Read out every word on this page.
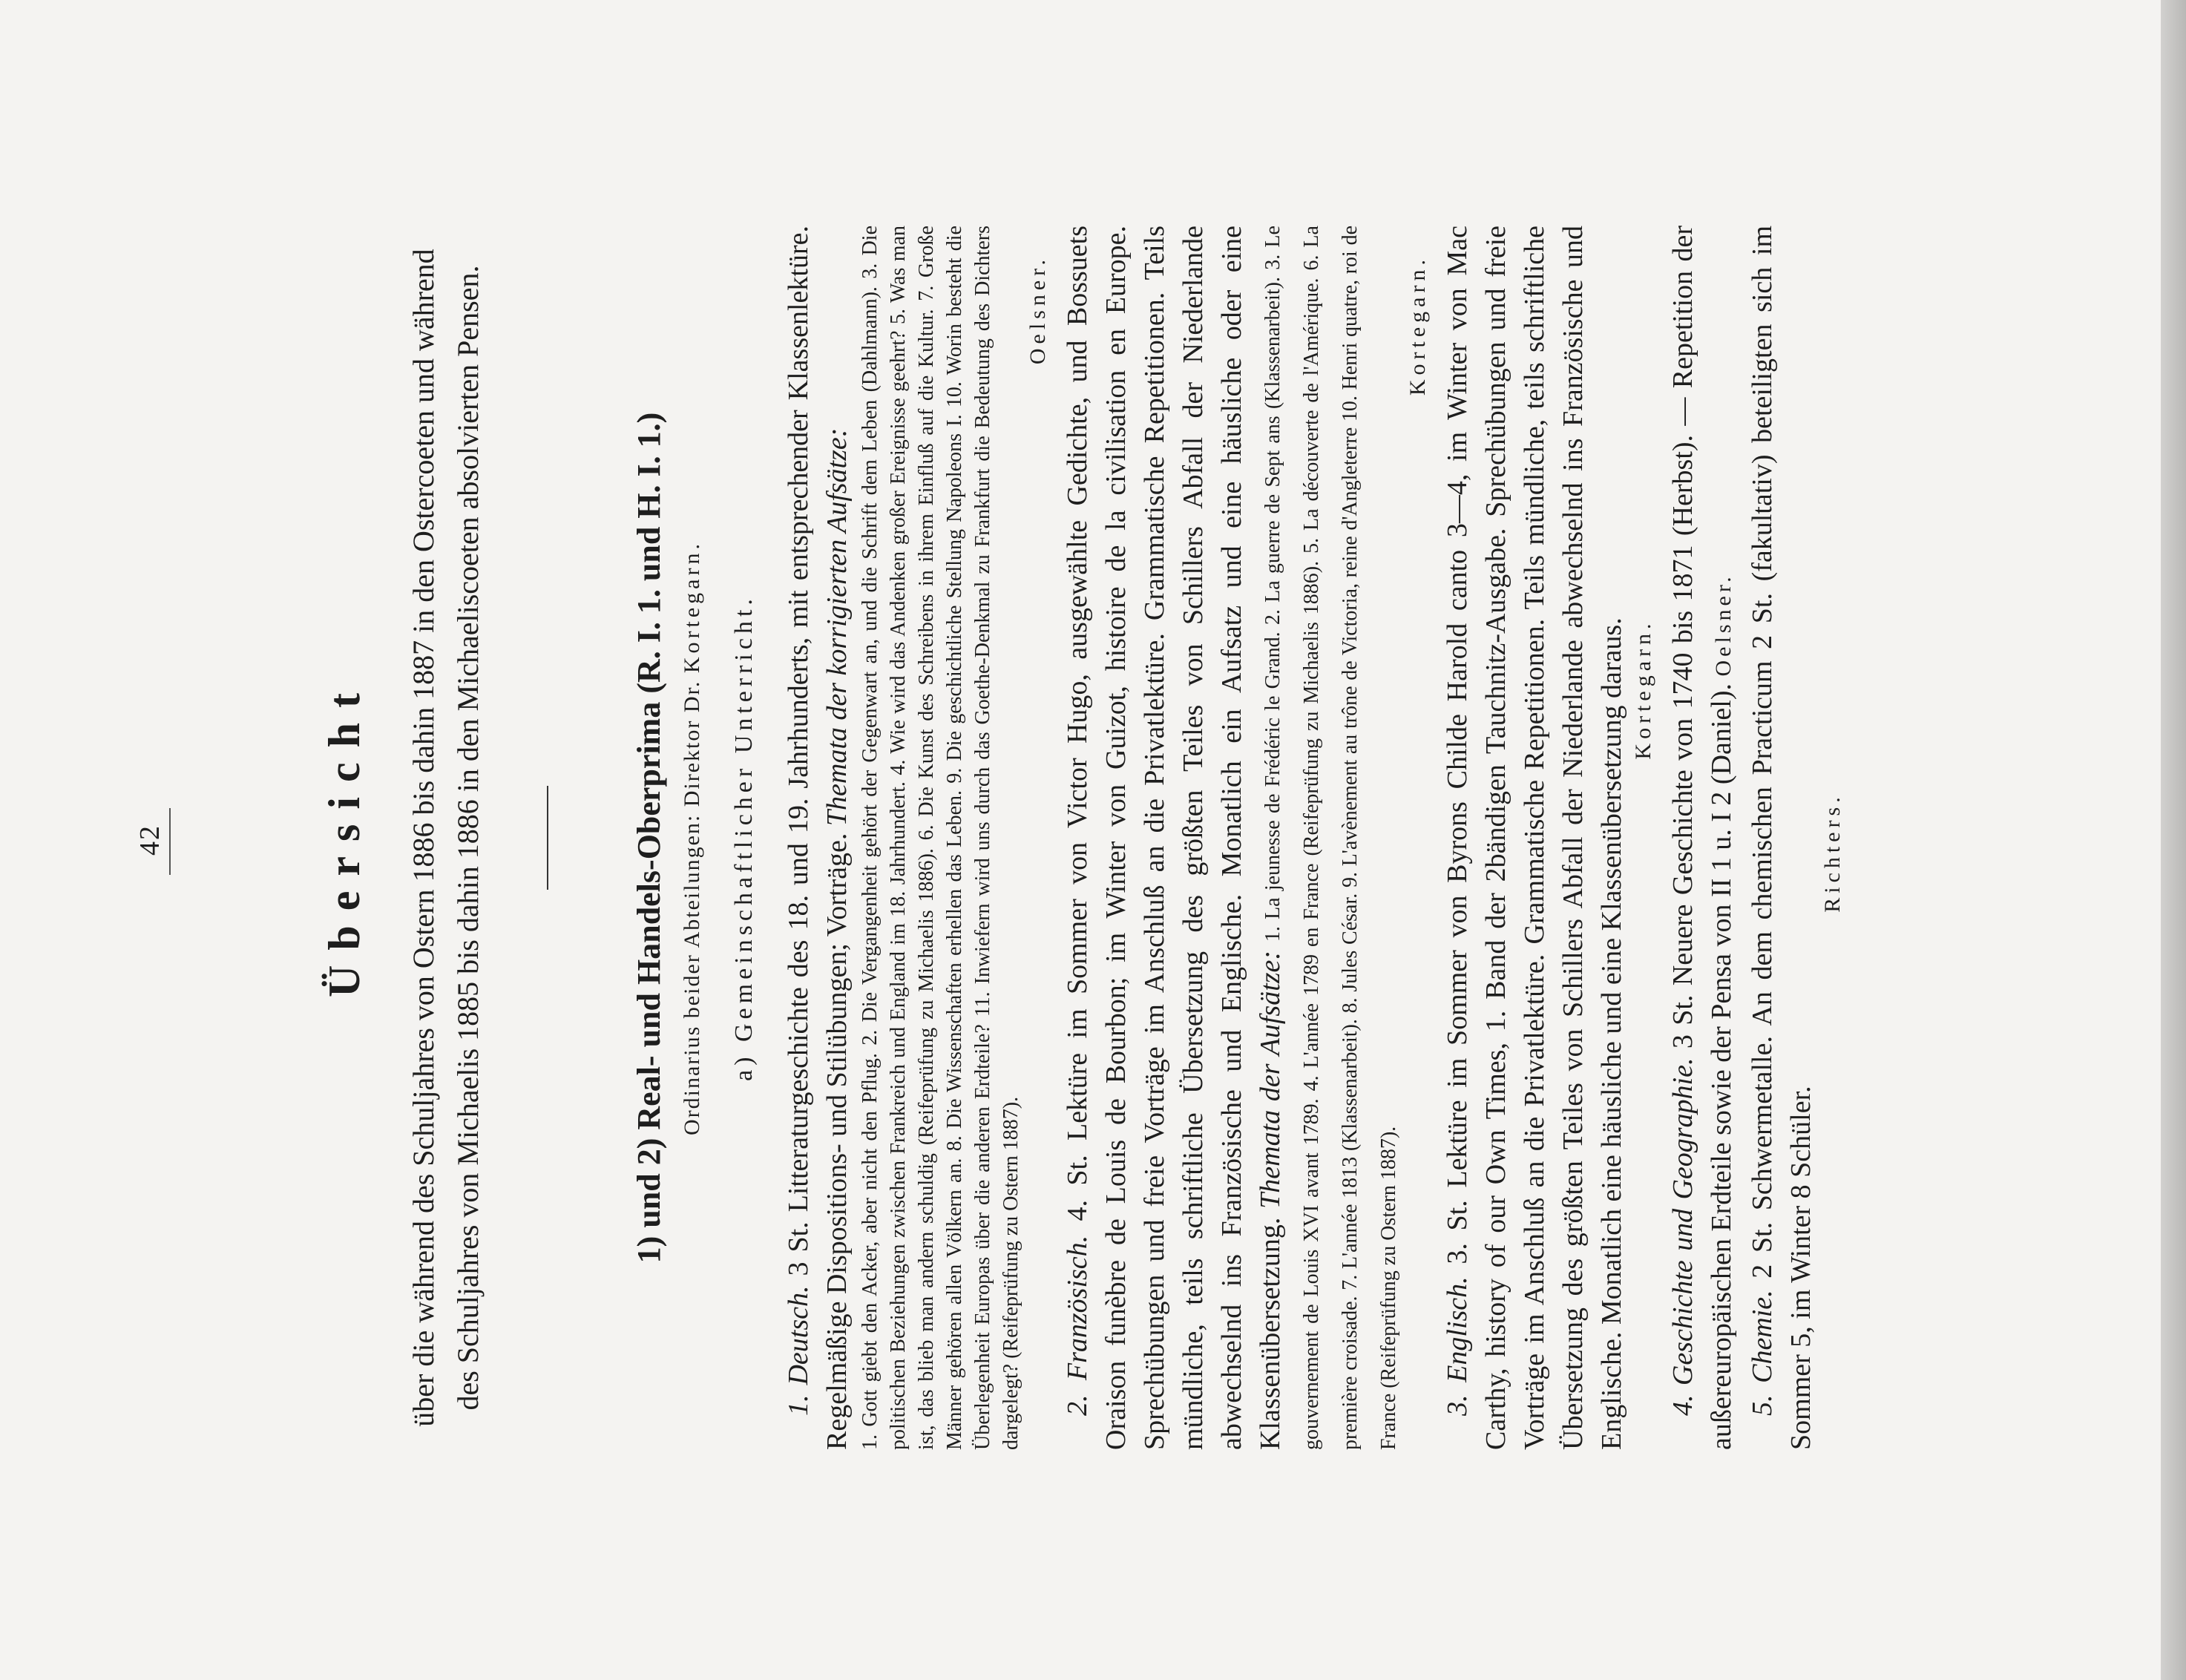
42	Übersicht über die während des Schuljahres von Ostern 1886 bis dahin 1887 in den Ostercoeten und während des Schuljahres von Michaelis 1885 bis dahin 1886 in den Michaeliscoeten absolvierten Pensen.	1) und 2) Real- und Handels-Oberprima (R. I. 1. und H. I. 1.) Ordinarius beider Abteilungen: Direktor Dr. Kortegarn. a) Gemeinschaftlicher Unterricht.

1. Deutsch. 3 St. Litteraturgeschichte des 18. und 19. Jahrhunderts, mit entsprechender Klassenlektüre. Regelmäßige Dispositions- und Stilübungen; Vorträge. Themata der korrigierten Aufsätze: 1. Gott giebt den Acker, aber nicht den Pflug. 2. Die Vergangenheit gehört der Gegenwart an, und die Schrift dem Leben (Dahlmann). 3. Die politischen Beziehungen zwischen Frankreich und England im 18. Jahrhundert. 4. Wie wird das Andenken großer Ereignisse geehrt? 5. Was man ist, das blieb man andern schuldig (Reifeprüfung zu Michaelis 1886). 6. Die Kunst des Schreibens in ihrem Einfluß auf die Kultur. 7. Große Männer gehören allen Völkern an. 8. Die Wissenschaften erhellen das Leben. 9. Die geschichtliche Stellung Napoleons I. 10. Worin besteht die Überlegenheit Europas über die anderen Erdteile? 11. Inwiefern wird uns durch das Goethe-Denkmal zu Frankfurt die Bedeutung des Dichters dargelegt? (Reifeprüfung zu Ostern 1887).

Oelsner.

2. Französisch. 4. St. Lektüre im Sommer von Victor Hugo, ausgewählte Gedichte, und Bossuets Oraison funèbre de Louis de Bourbon; im Winter von Guizot, histoire de la civilisation en Europe. Sprechübungen und freie Vorträge im Anschluß an die Privatlektüre. Grammatische Repetitionen. Teils mündliche, teils schriftliche Übersetzung des größten Teiles von Schillers Abfall der Niederlande abwechselnd ins Französische und Englische. Monatlich ein Aufsatz und eine häusliche oder eine Klassenübersetzung. Themata der Aufsätze: 1. La jeunesse de Frédéric le Grand. 2. La guerre de Sept ans (Klassenarbeit). 3. Le gouvernement de Louis XVI avant 1789. 4. L'année 1789 en France (Reifeprüfung zu Michaelis 1886). 5. La découverte de l'Amérique. 6. La première croisade. 7. L'année 1813 (Klassenarbeit). 8. Jules César. 9. L'avènement au trône de Victoria, reine d'Angleterre 10. Henri quatre, roi de France (Reifeprüfung zu Ostern 1887).

Kortegarn.

3. Englisch. 3. St. Lektüre im Sommer von Byrons Childe Harold canto 3—4, im Winter von Mac Carthy, history of our Own Times, 1. Band der 2bändigen Tauchnitz-Ausgabe. Sprechübungen und freie Vorträge im Anschluß an die Privatlektüre. Grammatische Repetitionen. Teils mündliche, teils schriftliche Übersetzung des größten Teiles von Schillers Abfall der Niederlande abwechselnd ins Französische und Englische. Monatlich eine häusliche und eine Klassenübersetzung daraus. Kortegarn.

4. Geschichte und Geographie. 3 St. Neuere Geschichte von 1740 bis 1871 (Herbst). — Repetition der außereuropäischen Erdteile sowie der Pensa von II 1 u. I 2 (Daniel). Oelsner.

5. Chemie. 2 St. Schwermetalle. An dem chemischen Practicum 2 St. (fakultativ) beteiligten sich im Sommer 5, im Winter 8 Schüler.

Richters.
